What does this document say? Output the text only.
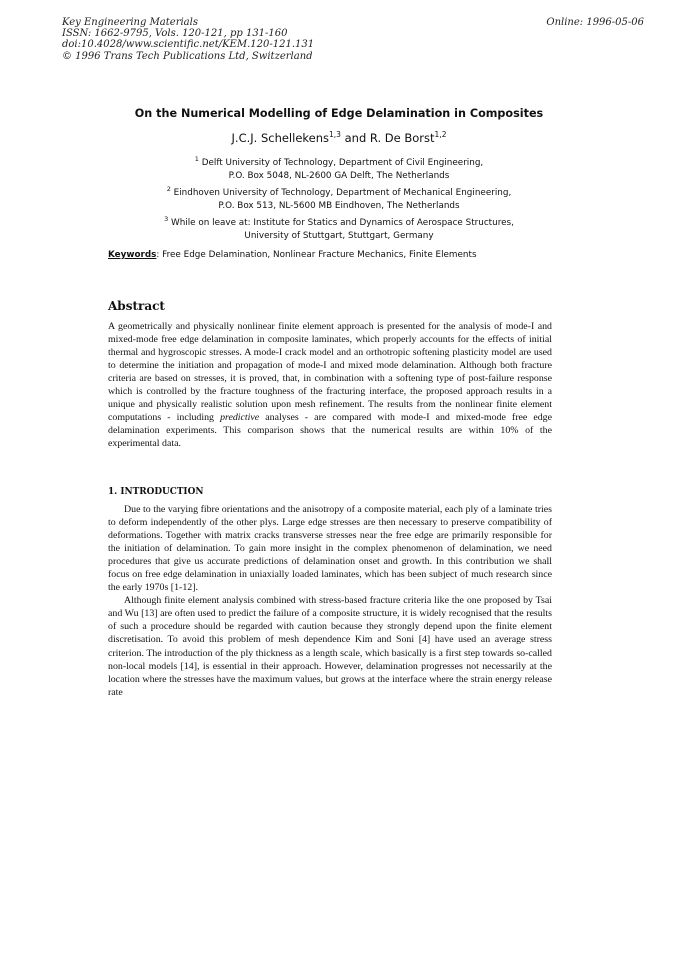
Key Engineering Materials
ISSN: 1662-9795, Vols. 120-121, pp 131-160
doi:10.4028/www.scientific.net/KEM.120-121.131
© 1996 Trans Tech Publications Ltd, Switzerland
Online: 1996-05-06
On the Numerical Modelling of Edge Delamination in Composites
J.C.J. Schellekens$^{1,3}$ and R. De Borst$^{1,2}$
$^1$ Delft University of Technology, Department of Civil Engineering,
P.O. Box 5048, NL-2600 GA Delft, The Netherlands
$^2$ Eindhoven University of Technology, Department of Mechanical Engineering,
P.O. Box 513, NL-5600 MB Eindhoven, The Netherlands
$^3$ While on leave at: Institute for Statics and Dynamics of Aerospace Structures,
University of Stuttgart, Stuttgart, Germany
Keywords: Free Edge Delamination, Nonlinear Fracture Mechanics, Finite Elements
Abstract
A geometrically and physically nonlinear finite element approach is presented for the analysis of mode-I and mixed-mode free edge delamination in composite laminates, which properly accounts for the effects of initial thermal and hygroscopic stresses. A mode-I crack model and an orthotropic softening plasticity model are used to determine the initiation and propagation of mode-I and mixed mode delamination. Although both fracture criteria are based on stresses, it is proved, that, in combination with a softening type of post-failure response which is controlled by the fracture toughness of the fracturing interface, the proposed approach results in a unique and physically realistic solution upon mesh refinement. The results from the nonlinear finite element computations - including predictive analyses - are compared with mode-I and mixed-mode free edge delamination experiments. This comparison shows that the numerical results are within 10% of the experimental data.
1. INTRODUCTION
Due to the varying fibre orientations and the anisotropy of a composite material, each ply of a laminate tries to deform independently of the other plys. Large edge stresses are then necessary to preserve compatibility of deformations. Together with matrix cracks transverse stresses near the free edge are primarily responsible for the initiation of delamination. To gain more insight in the complex phenomenon of delamination, we need procedures that give us accurate predictions of delamination onset and growth. In this contribution we shall focus on free edge delamination in uniaxially loaded laminates, which has been subject of much research since the early 1970s [1-12].
Although finite element analysis combined with stress-based fracture criteria like the one proposed by Tsai and Wu [13] are often used to predict the failure of a composite structure, it is widely recognised that the results of such a procedure should be regarded with caution because they strongly depend upon the finite element discretisation. To avoid this problem of mesh dependence Kim and Soni [4] have used an average stress criterion. The introduction of the ply thickness as a length scale, which basically is a first step towards so-called non-local models [14], is essential in their approach. However, delamination progresses not necessarily at the location where the stresses have the maximum values, but grows at the interface where the strain energy release rate
